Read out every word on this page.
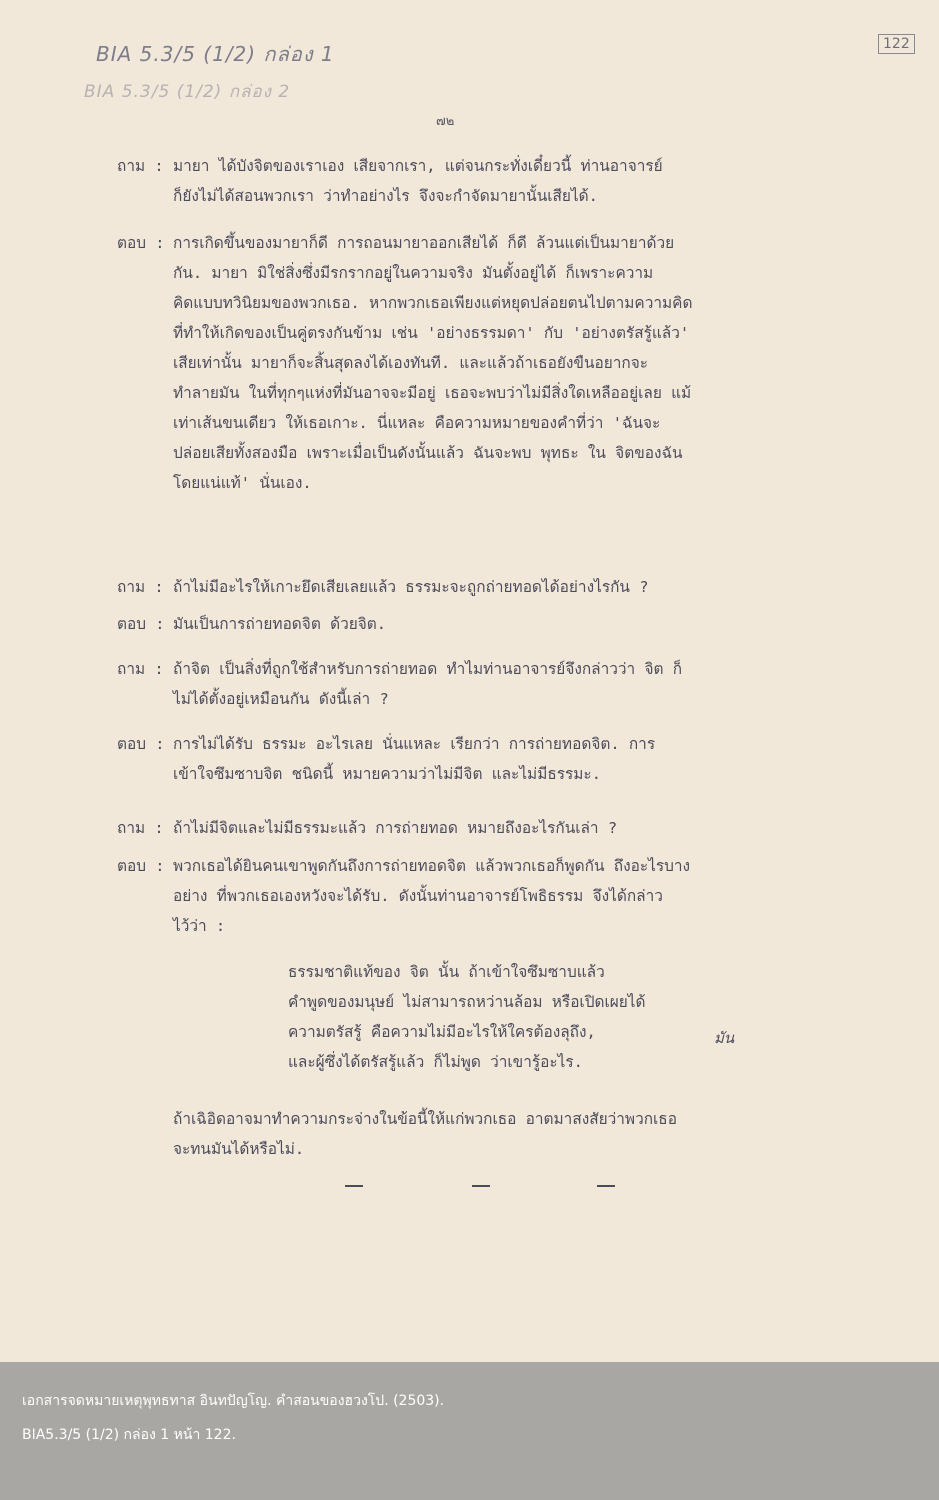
BIA 5.3/5 (1/2) กล่อง 1
BIA 5.3/5 (1/2) กล่อง 2
122
๗๒
ถาม : มายา ได้บังจิตของเราเอง เสียจากเรา, แต่จนกระทั่งเดี๋ยวนี้ ท่านอาจารย์
ก็ยังไม่ได้สอนพวกเรา ว่าทำอย่างไร จึงจะกำจัดมายานั้นเสียได้.
ตอบ : การเกิดขึ้นของมายาก็ดี การถอนมายาออกเสียได้ ก็ดี ล้วนแต่เป็นมายาด้วย
กัน. มายา มิใช่สิ่งซึ่งมีรกรากอยู่ในความจริง มันตั้งอยู่ได้ ก็เพราะความ
คิดแบบทวินิยมของพวกเธอ. หากพวกเธอเพียงแต่หยุดปล่อยตนไปตามความคิด
ที่ทำให้เกิดของเป็นคู่ตรงกันข้าม เช่น 'อย่างธรรมดา' กับ 'อย่างตรัสรู้แล้ว'
เสียเท่านั้น มายาก็จะสิ้นสุดลงได้เองทันที. และแล้วถ้าเธอยังขืนอยากจะ
ทำลายมัน ในที่ทุกๆแห่งที่มันอาจจะมีอยู่ เธอจะพบว่าไม่มีสิ่งใดเหลืออยู่เลย แม้
เท่าเส้นขนเดียว ให้เธอเกาะ. นี่แหละ คือความหมายของคำที่ว่า 'ฉันจะ
ปล่อยเสียทั้งสองมือ เพราะเมื่อเป็นดังนั้นแล้ว ฉันจะพบ พุทธะ ใน จิตของฉัน
โดยแน่แท้' นั่นเอง.
ถาม : ถ้าไม่มีอะไรให้เกาะยึดเสียเลยแล้ว ธรรมะจะถูกถ่ายทอดได้อย่างไรกัน ?
ตอบ : มันเป็นการถ่ายทอดจิต ด้วยจิต.
ถาม : ถ้าจิต เป็นสิ่งที่ถูกใช้สำหรับการถ่ายทอด ทำไมท่านอาจารย์จึงกล่าวว่า จิต ก็
ไม่ได้ตั้งอยู่เหมือนกัน ดังนี้เล่า ?
ตอบ : การไม่ได้รับ ธรรมะ อะไรเลย นั่นแหละ เรียกว่า การถ่ายทอดจิต. การ
เข้าใจซึมซาบจิต ชนิดนี้ หมายความว่าไม่มีจิต และไม่มีธรรมะ.
ถาม : ถ้าไม่มีจิตและไม่มีธรรมะแล้ว การถ่ายทอด หมายถึงอะไรกันเล่า ?
ตอบ : พวกเธอได้ยินคนเขาพูดกันถึงการถ่ายทอดจิต แล้วพวกเธอก็พูดกัน ถึงอะไรบาง
อย่าง ที่พวกเธอเองหวังจะได้รับ. ดังนั้นท่านอาจารย์โพธิธรรม จึงได้กล่าว
ไว้ว่า :
ธรรมชาติแท้ของ จิต นั้น ถ้าเข้าใจซึมซาบแล้ว
คำพูดของมนุษย์ ไม่สามารถหว่านล้อม หรือเปิดเผยได้
ความตรัสรู้ คือความไม่มีอะไรให้ใครต้องลุถึง,
และผู้ซึ่งได้ตรัสรู้แล้ว ก็ไม่พูด ว่าเขารู้อะไร.
มัน
ถ้าเฉิอิดอาจมาทำความกระจ่างในข้อนี้ให้แก่พวกเธอ อาตมาสงสัยว่าพวกเธอ
จะทนมันได้หรือไม่.
เอกสารจดหมายเหตุพุทธทาส อินทปัญโญ. คำสอนของฮวงโป. (2503).
BIA5.3/5 (1/2) กล่อง 1 หน้า 122.
